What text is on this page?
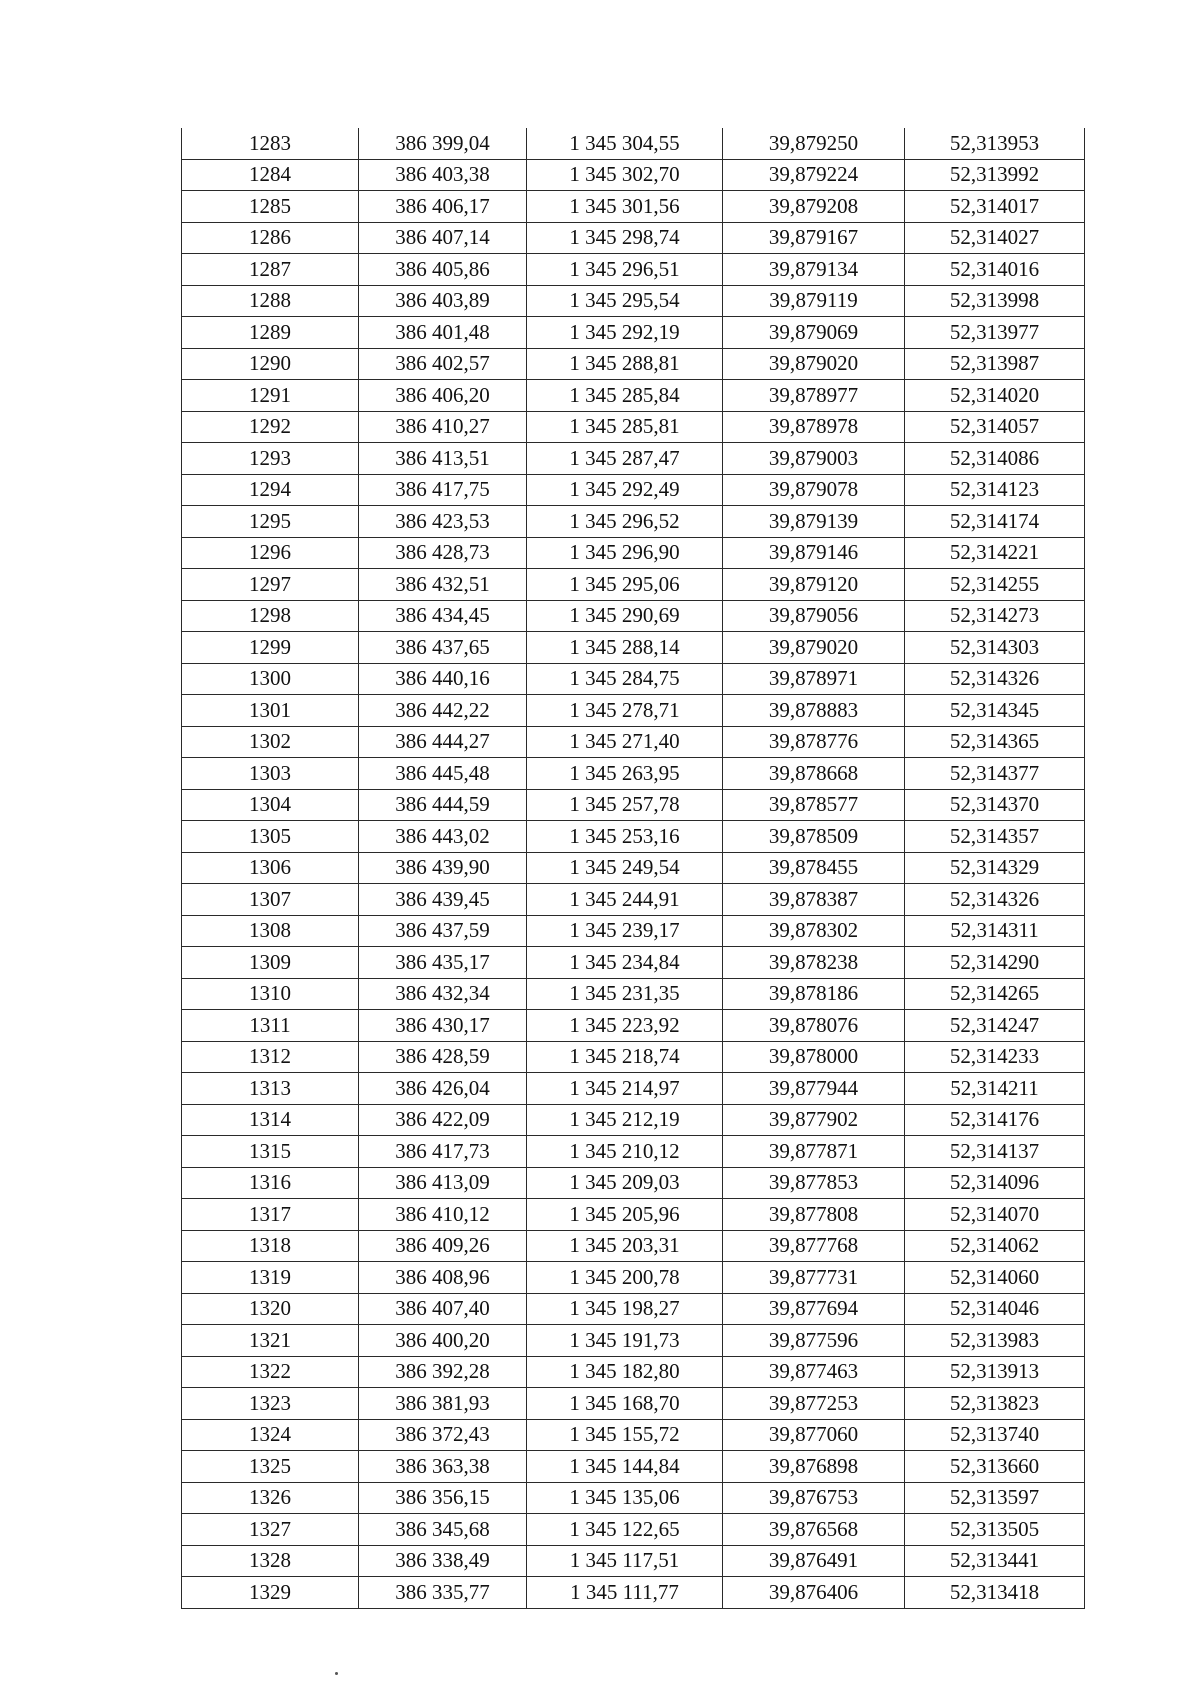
1283	386 399,04	1 345 304,55	39,879250	52,313953
1284	386 403,38	1 345 302,70	39,879224	52,313992
1285	386 406,17	1 345 301,56	39,879208	52,314017
1286	386 407,14	1 345 298,74	39,879167	52,314027
1287	386 405,86	1 345 296,51	39,879134	52,314016
1288	386 403,89	1 345 295,54	39,879119	52,313998
1289	386 401,48	1 345 292,19	39,879069	52,313977
1290	386 402,57	1 345 288,81	39,879020	52,313987
1291	386 406,20	1 345 285,84	39,878977	52,314020
1292	386 410,27	1 345 285,81	39,878978	52,314057
1293	386 413,51	1 345 287,47	39,879003	52,314086
1294	386 417,75	1 345 292,49	39,879078	52,314123
1295	386 423,53	1 345 296,52	39,879139	52,314174
1296	386 428,73	1 345 296,90	39,879146	52,314221
1297	386 432,51	1 345 295,06	39,879120	52,314255
1298	386 434,45	1 345 290,69	39,879056	52,314273
1299	386 437,65	1 345 288,14	39,879020	52,314303
1300	386 440,16	1 345 284,75	39,878971	52,314326
1301	386 442,22	1 345 278,71	39,878883	52,314345
1302	386 444,27	1 345 271,40	39,878776	52,314365
1303	386 445,48	1 345 263,95	39,878668	52,314377
1304	386 444,59	1 345 257,78	39,878577	52,314370
1305	386 443,02	1 345 253,16	39,878509	52,314357
1306	386 439,90	1 345 249,54	39,878455	52,314329
1307	386 439,45	1 345 244,91	39,878387	52,314326
1308	386 437,59	1 345 239,17	39,878302	52,314311
1309	386 435,17	1 345 234,84	39,878238	52,314290
1310	386 432,34	1 345 231,35	39,878186	52,314265
1311	386 430,17	1 345 223,92	39,878076	52,314247
1312	386 428,59	1 345 218,74	39,878000	52,314233
1313	386 426,04	1 345 214,97	39,877944	52,314211
1314	386 422,09	1 345 212,19	39,877902	52,314176
1315	386 417,73	1 345 210,12	39,877871	52,314137
1316	386 413,09	1 345 209,03	39,877853	52,314096
1317	386 410,12	1 345 205,96	39,877808	52,314070
1318	386 409,26	1 345 203,31	39,877768	52,314062
1319	386 408,96	1 345 200,78	39,877731	52,314060
1320	386 407,40	1 345 198,27	39,877694	52,314046
1321	386 400,20	1 345 191,73	39,877596	52,313983
1322	386 392,28	1 345 182,80	39,877463	52,313913
1323	386 381,93	1 345 168,70	39,877253	52,313823
1324	386 372,43	1 345 155,72	39,877060	52,313740
1325	386 363,38	1 345 144,84	39,876898	52,313660
1326	386 356,15	1 345 135,06	39,876753	52,313597
1327	386 345,68	1 345 122,65	39,876568	52,313505
1328	386 338,49	1 345 117,51	39,876491	52,313441
1329	386 335,77	1 345 111,77	39,876406	52,313418
